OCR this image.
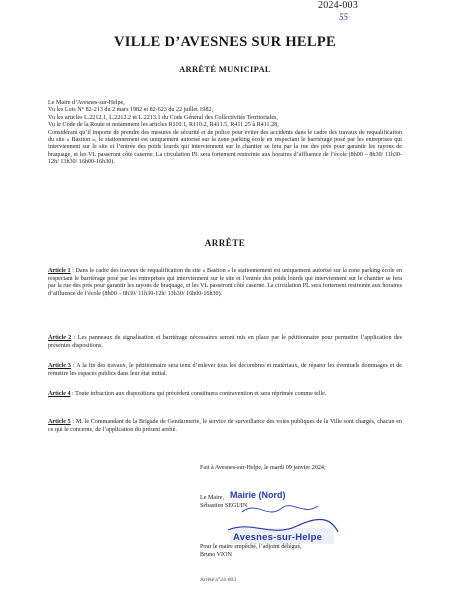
2024-003
55
VILLE D’AVESNES SUR HELPE
ARRÊTÉ MUNICIPAL

Le Maire d’Avesnes-sur-Helpe,

Vu les Lois N° 82-213 du 2 mars 1982 et 82-623 du 22 juillet 1982,

Vu les articles L.2212.1, L.2212.2 et L.2213.1 du Code Général des Collectivités Territoriales,

Vu le Code de la Route et notamment les articles R110.1, R110.2, R411.5, R411.25 à R411.28,

Considérant qu’il importe de prendre des mesures de sécurité et de police pour éviter des accidents dans le cadre des travaux de requalification du site « Bastion », le stationnement est uniquement autorisé sur la zone parking école en respectant le barriérage posé par les entreprises qui interviennent sur le site et l’entrée des poids lourds qui interviennent sur le chantier se fera par la rue des prés pour garantir les rayons de braquage, et les VL passeront côté caserne. La circulation PL sera fortement restreinte aux horaires d’affluence de l’école (8h00 – 8h30/ 11h30-12h/ 13h30/ 16h00-16h30).

ARRÊTE
Article 1 : Dans le cadre des travaux de requalification du site « Bastion » le stationnement est uniquement autorisé sur la zone parking école en respectant le barriérage posé par les entreprises qui interviennent sur le site et l’entrée des poids lourds qui interviennent sur le chantier se fera par la rue des prés pour garantir les rayons de braquage, et les VL passeront côté caserne. La circulation PL sera fortement restreinte aux horaires d’affluence de l’école (8h00 – 8h30/ 11h30-12h/ 13h30/ 16h00-16h30).
Article 2 : Les panneaux de signalisation et barriérage nécessaires seront mis en place par le pétitionnaire pour permettre l’application des présentes dispositions.
Article 3 : A la fin des travaux, le pétitionnaire sera tenu d’enlever tous les décombres et matériaux, de réparer les éventuels dommages et de remettre les espaces publics dans leur état initial.
Article 4 : Toute infraction aux dispositions qui précèdent constituera contravention et sera réprimée comme telle.
Article 5 : M. le Commandant de la Brigade de Gendarmerie, le service de surveillance des voies publiques de la Ville sont chargés, chacun en ce qui le concerne, de l’application du présent arrêté.
Fait à Avesnes-sur-Helpe, le mardi 09 janvier 2024,
Le Maire,
Sébastien SEGUIN
Pour le maire empêché, l’adjoint délégué,
Bruno VION
Mairie (Nord)
Avesnes-sur-Helpe
Arrêté n°24-003
